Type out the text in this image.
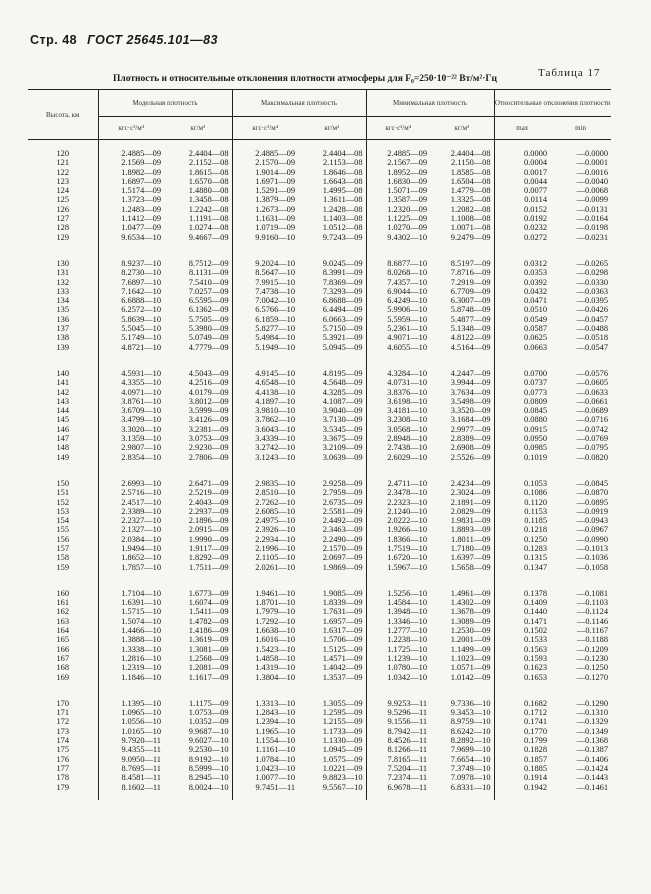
Стр. 48 ГОСТ 25645.101—83
Плотность и относительные отклонения плотности атмосферы для F₀=250·10⁻²² Вт/м²·Гц	Таблица 17
Высота, км	Модельная плотность		Максимальная плотность		Минимальная плотность		Относительные отклонения плотности	
	кгс·с²/м⁴	кг/м³	кгс·с²/м⁴	кг/м³	кгс·с²/м⁴	кг/м³	max	min
120	2.4885—09	2.4404—08	2.4885—09	2.4404—08	2.4885—09	2.4404—08	0.0000	—0.0000
121	2.1569—09	2.1152—08	2.1570—09	2.1153—08	2.1567—09	2.1150—08	0.0004	—0.0001
122	1.8982—09	1.8615—08	1.9014—09	1.8646—08	1.8952—09	1.8585—08	0.0017	—0.0016
123	1.6897—09	1.6570—08	1.6971—09	1.6643—08	1.6830—09	1.6504—08	0.0044	—0.0040
124	1.5174—09	1.4880—08	1.5291—09	1.4995—08	1.5071—09	1.4779—08	0.0077	—0.0068
125	1.3723—09	1.3458—08	1.3879—09	1.3611—08	1.3587—09	1.3325—08	0.0114	—0.0099
126	1.2483—09	1.2242—08	1.2673—09	1.2428—08	1.2320—09	1.2082—08	0.0152	—0.0131
127	1.1412—09	1.1191—08	1.1631—09	1.1403—08	1.1225—09	1.1008—08	0.0192	—0.0164
128	1.0477—09	1.0274—08	1.0719—09	1.0512—08	1.0270—09	1.0071—08	0.0232	—0.0198
129	9.6534—10	9.4667—09	9.9160—10	9.7243—09	9.4302—10	9.2479—09	0.0272	—0.0231
130	8.9237—10	8.7512—09	9.2024—10	9.0245—09	8.6877—10	8.5197—09	0.0312	—0.0265
131	8.2730—10	8.1131—09	8.5647—10	8.3991—09	8.0268—10	7.8716—09	0.0353	—0.0298
132	7.6897—10	7.5410—09	7.9915—10	7.8369—09	7.4357—10	7.2919—09	0.0392	—0.0330
133	7.1642—10	7.0257—09	7.4738—10	7.3293—09	6.9044—10	6.7709—09	0.0432	—0.0363
134	6.6888—10	6.5595—09	7.0042—10	6.8688—09	6.4249—10	6.3007—09	0.0471	—0.0395
135	6.2572—10	6.1362—09	6.5766—10	6.4494—09	5.9906—10	5.8748—09	0.0510	—0.0426
136	5.8639—10	5.7505—09	6.1859—10	6.0663—09	5.5959—10	5.4877—09	0.0549	—0.0457
137	5.5045—10	5.3980—09	5.8277—10	5.7150—09	5.2361—10	5.1348—09	0.0587	—0.0488
138	5.1749—10	5.0749—09	5.4984—10	5.3921—09	4.9071—10	4.8122—09	0.0625	—0.0518
139	4.8721—10	4.7779—09	5.1949—10	5.0945—09	4.6055—10	4.5164—09	0.0663	—0.0547
140	4.5931—10	4.5043—09	4.9145—10	4.8195—09	4.3284—10	4.2447—09	0.0700	—0.0576
141	4.3355—10	4.2516—09	4.6548—10	4.5648—09	4.0731—10	3.9944—09	0.0737	—0.0605
142	4.0971—10	4.0179—09	4.4138—10	4.3285—09	3.8376—10	3.7634—09	0.0773	—0.0633
143	3.8761—10	3.8012—09	4.1897—10	4.1087—09	3.6198—10	3.5498—09	0.0809	—0.0661
144	3.6709—10	3.5999—09	3.9810—10	3.9040—09	3.4181—10	3.3520—09	0.0845	—0.0689
145	3.4799—10	3.4126—09	3.7862—10	3.7130—09	3.2308—10	3.1684—09	0.0880	—0.0716
146	3.3020—10	3.2381—09	3.6043—10	3.5345—09	3.0568—10	2.9977—09	0.0915	—0.0742
147	3.1359—10	3.0753—09	3.4339—10	3.3675—09	2.8948—10	2.8389—09	0.0950	—0.0769
148	2.9807—10	2.9230—09	3.2742—10	3.2109—09	2.7438—10	2.6908—09	0.0985	—0.0795
149	2.8354—10	2.7806—09	3.1243—10	3.0639—09	2.6029—10	2.5526—09	0.1019	—0.0820
150	2.6993—10	2.6471—09	2.9835—10	2.9258—09	2.4711—10	2.4234—09	0.1053	—0.0845
151	2.5716—10	2.5219—09	2.8510—10	2.7959—09	2.3478—10	2.3024—09	0.1086	—0.0870
152	2.4517—10	2.4043—09	2.7262—10	2.6735—09	2.2323—10	2.1891—09	0.1120	—0.0895
153	2.3389—10	2.2937—09	2.6085—10	2.5581—09	2.1240—10	2.0829—09	0.1153	—0.0919
154	2.2327—10	2.1896—09	2.4975—10	2.4492—09	2.0222—10	1.9831—09	0.1185	—0.0943
155	2.1327—10	2.0915—09	2.3926—10	2.3463—09	1.9266—10	1.8893—09	0.1218	—0.0967
156	2.0384—10	1.9990—09	2.2934—10	2.2490—09	1.8366—10	1.8011—09	0.1250	—0.0990
157	1.9494—10	1.9117—09	2.1996—10	2.1570—09	1.7519—10	1.7180—09	0.1283	—0.1013
158	1.8652—10	1.8292—09	2.1105—10	2.0697—09	1.6720—10	1.6397—09	0.1315	—0.1036
159	1.7857—10	1.7511—09	2.0261—10	1.9869—09	1.5967—10	1.5658—09	0.1347	—0.1058
160	1.7104—10	1.6773—09	1.9461—10	1.9085—09	1.5256—10	1.4961—09	0.1378	—0.1081
161	1.6391—10	1.6074—09	1.8701—10	1.8339—09	1.4584—10	1.4302—09	0.1409	—0.1103
162	1.5715—10	1.5411—09	1.7979—10	1.7631—09	1.3948—10	1.3678—09	0.1440	—0.1124
163	1.5074—10	1.4782—09	1.7292—10	1.6957—09	1.3346—10	1.3089—09	0.1471	—0.1146
164	1.4466—10	1.4186—09	1.6638—10	1.6317—09	1.2777—10	1.2530—09	0.1502	—0.1167
165	1.3888—10	1.3619—09	1.6016—10	1.5706—09	1.2238—10	1.2001—09	0.1533	—0.1188
166	1.3338—10	1.3081—09	1.5423—10	1.5125—09	1.1725—10	1.1499—09	0.1563	—0.1209
167	1.2816—10	1.2568—09	1.4858—10	1.4571—09	1.1239—10	1.1023—09	0.1593	—0.1230
168	1.2319—10	1.2081—09	1.4319—10	1.4042—09	1.0780—10	1.0571—09	0.1623	—0.1250
169	1.1846—10	1.1617—09	1.3804—10	1.3537—09	1.0342—10	1.0142—09	0.1653	—0.1270
170	1.1395—10	1.1175—09	1.3313—10	1.3055—09	9.9253—11	9.7336—10	0.1682	—0.1290
171	1.0965—10	1.0753—09	1.2843—10	1.2595—09	9.5296—11	9.3453—10	0.1712	—0.1310
172	1.0556—10	1.0352—09	1.2394—10	1.2155—09	9.1556—11	8.9759—10	0.1741	—0.1329
173	1.0165—10	9.9687—10	1.1965—10	1.1733—09	8.7942—11	8.6242—10	0.1770	—0.1349
174	9.7920—11	9.6027—10	1.1554—10	1.1330—09	8.4526—11	8.2892—10	0.1799	—0.1368
175	9.4355—11	9.2530—10	1.1161—10	1.0945—09	8.1266—11	7.9699—10	0.1828	—0.1387
176	9.0950—11	8.9192—10	1.0784—10	1.0575—09	7.8165—11	7.6654—10	0.1857	—0.1406
177	8.7695—11	8.5999—10	1.0423—10	1.0221—09	7.5204—11	7.3749—10	0.1885	—0.1424
178	8.4581—11	8.2945—10	1.0077—10	9.8823—10	7.2374—11	7.0978—10	0.1914	—0.1443
179	8.1602—11	8.0024—10	9.7451—11	9.5567—10	6.9678—11	6.8331—10	0.1942	—0.1461
